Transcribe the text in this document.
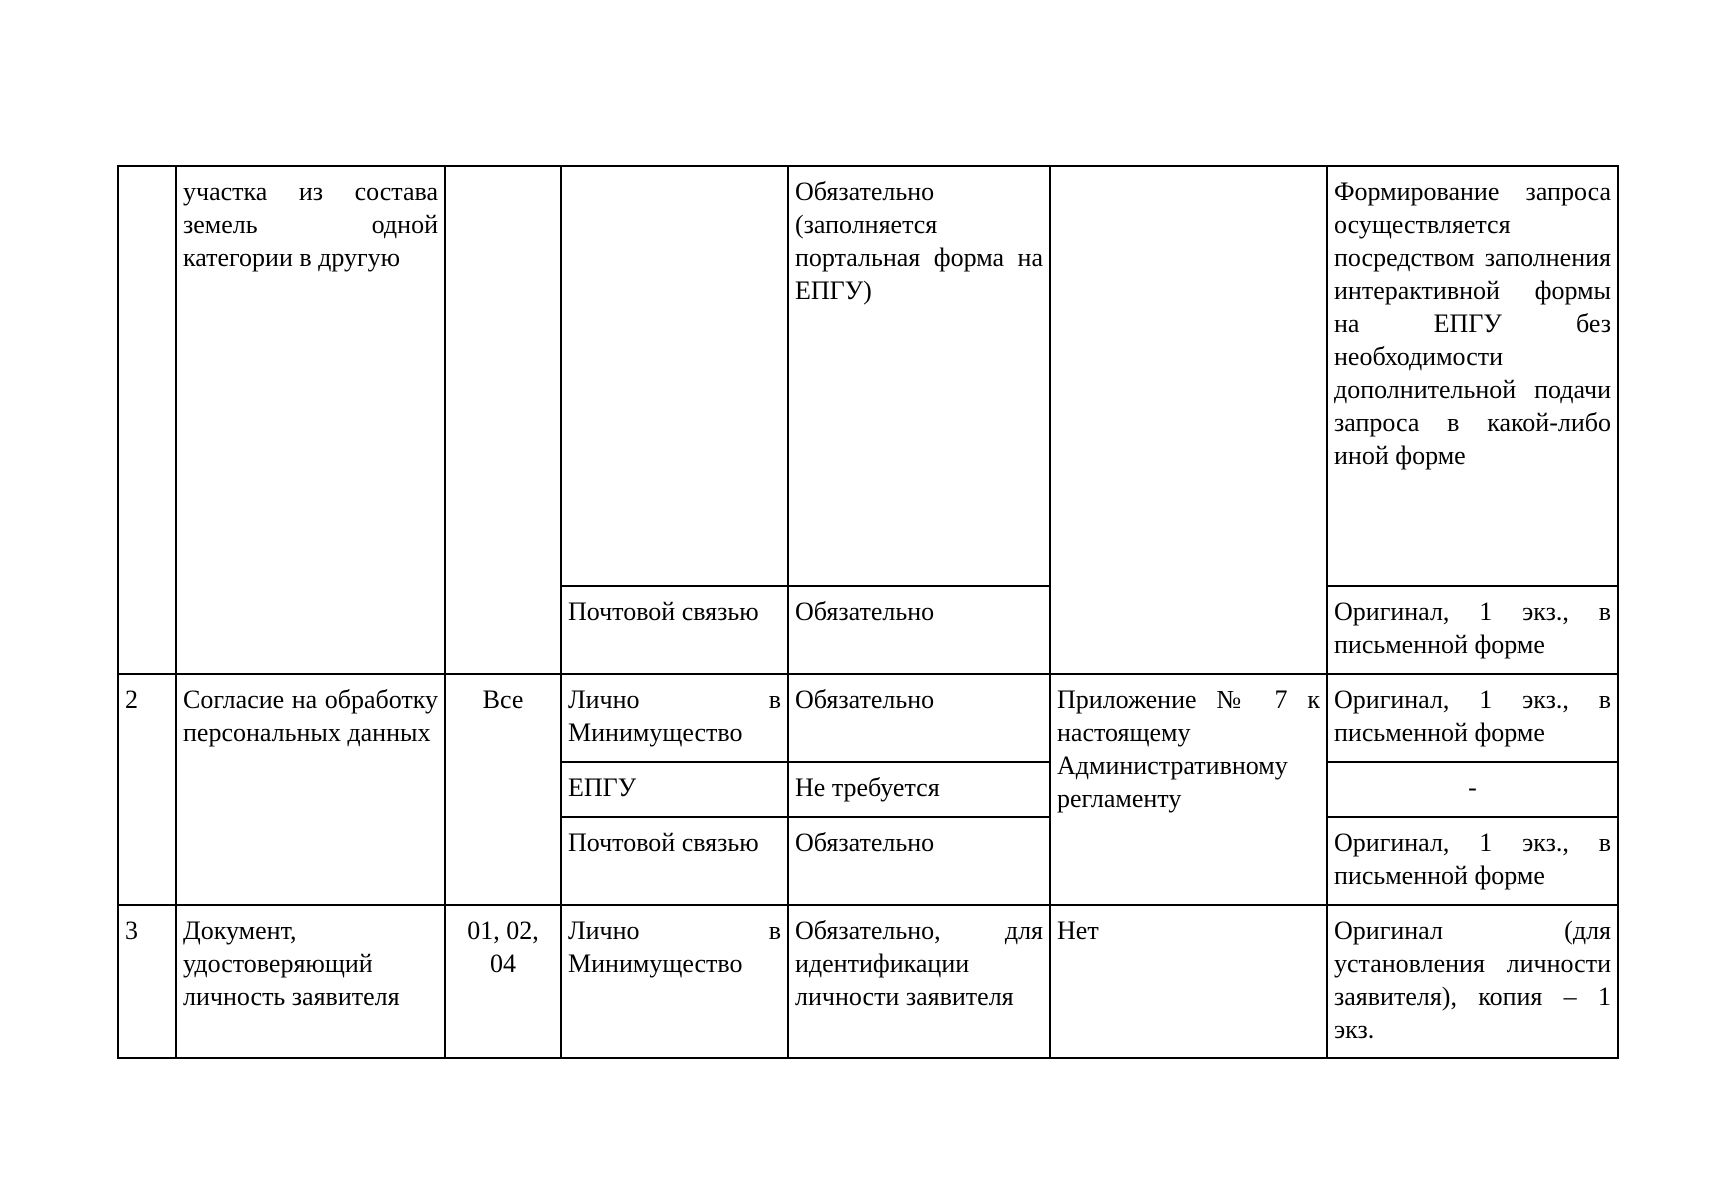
	участка из состава земель одной категории в другую			Обязательно (заполняется портальная форма на ЕПГУ)		Формирование запроса осуществляется посредством заполнения интерактивной формы на ЕПГУ без необходимости дополнительной подачи запроса в какой-либо иной форме
			Почтовой связью	Обязательно		Оригинал, 1 экз., в письменной форме
2	Согласие на обработку персональных данных	Все	Лично в Минимущество	Обязательно	Приложение № 7 к настоящему Административному регламенту	Оригинал, 1 экз., в письменной форме
			ЕПГУ	Не требуется		-
			Почтовой связью	Обязательно		Оригинал, 1 экз., в письменной форме
3	Документ, удостоверяющий личность заявителя	01, 02, 04	Лично в Минимущество	Обязательно, для идентификации личности заявителя	Нет	Оригинал (для установления личности заявителя), копия – 1 экз.
